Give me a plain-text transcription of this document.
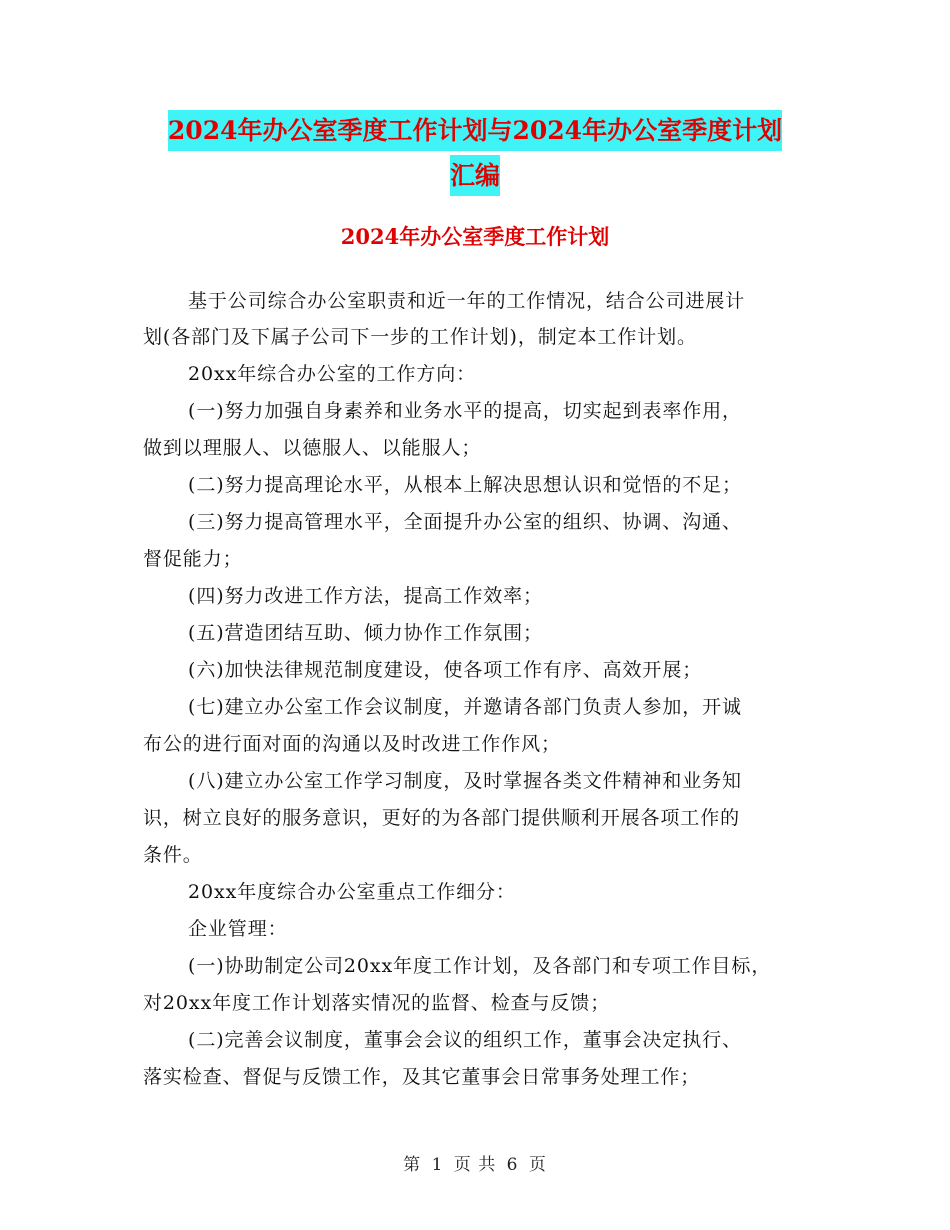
2024年办公室季度工作计划与2024年办公室季度计划
汇编
2024年办公室季度工作计划
基于公司综合办公室职责和近一年的工作情况，结合公司进展计
划(各部门及下属子公司下一步的工作计划)，制定本工作计划。
20xx年综合办公室的工作方向：
(一)努力加强自身素养和业务水平的提高，切实起到表率作用，
做到以理服人、以德服人、以能服人；
(二)努力提高理论水平，从根本上解决思想认识和觉悟的不足；
(三)努力提高管理水平，全面提升办公室的组织、协调、沟通、
督促能力；
(四)努力改进工作方法，提高工作效率；
(五)营造团结互助、倾力协作工作氛围；
(六)加快法律规范制度建设，使各项工作有序、高效开展；
(七)建立办公室工作会议制度，并邀请各部门负责人参加，开诚
布公的进行面对面的沟通以及时改进工作作风；
(八)建立办公室工作学习制度，及时掌握各类文件精神和业务知
识，树立良好的服务意识，更好的为各部门提供顺利开展各项工作的
条件。
20xx年度综合办公室重点工作细分：
企业管理：
(一)协助制定公司20xx年度工作计划，及各部门和专项工作目标，
对20xx年度工作计划落实情况的监督、检查与反馈；
(二)完善会议制度，董事会会议的组织工作，董事会决定执行、
落实检查、督促与反馈工作，及其它董事会日常事务处理工作；
第 1 页 共 6 页
